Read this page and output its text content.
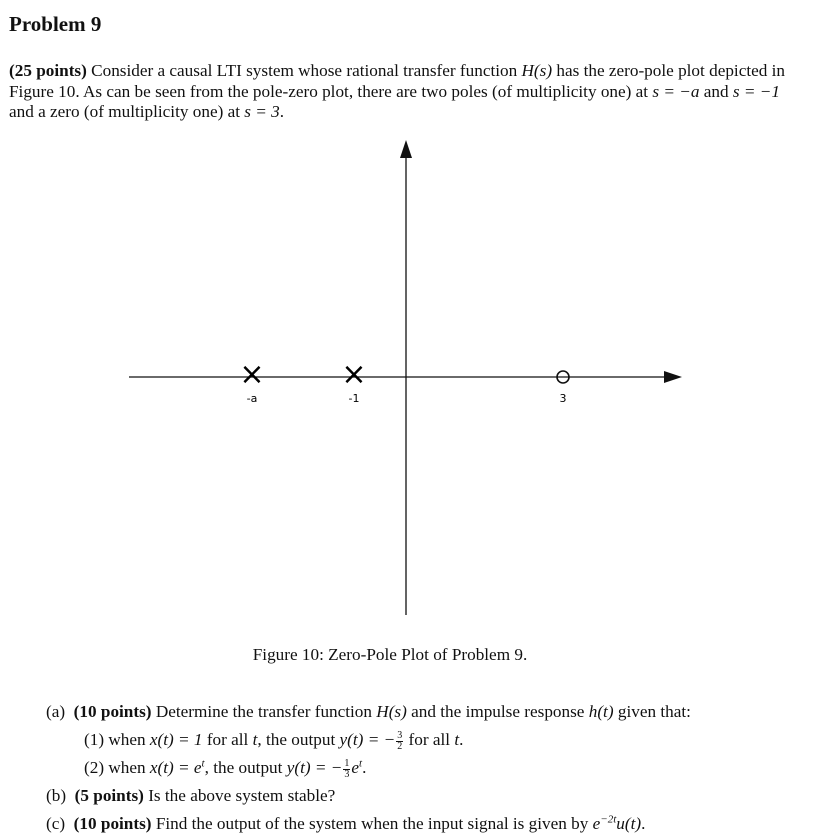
Problem 9
(25 points) Consider a causal LTI system whose rational transfer function H(s) has the zero-pole plot depicted in Figure 10. As can be seen from the pole-zero plot, there are two poles (of multiplicity one) at s = −a and s = −1 and a zero (of multiplicity one) at s = 3.
×	×
-a	-1	3
Figure 10: Zero-Pole Plot of Problem 9.
(a) (10 points) Determine the transfer function H(s) and the impulse response h(t) given that:
(1) when x(t) = 1 for all t, the output y(t) = − $\frac{3}{2}$ for all t.
(2) when $x(t) = e^t$, the output y(t) = − $\frac{1}{3} e^t$.
(b) (5 points) Is the above system stable?
(c) (10 points) Find the output of the system when the input signal is given by $e^{-2t}u(t)$.
